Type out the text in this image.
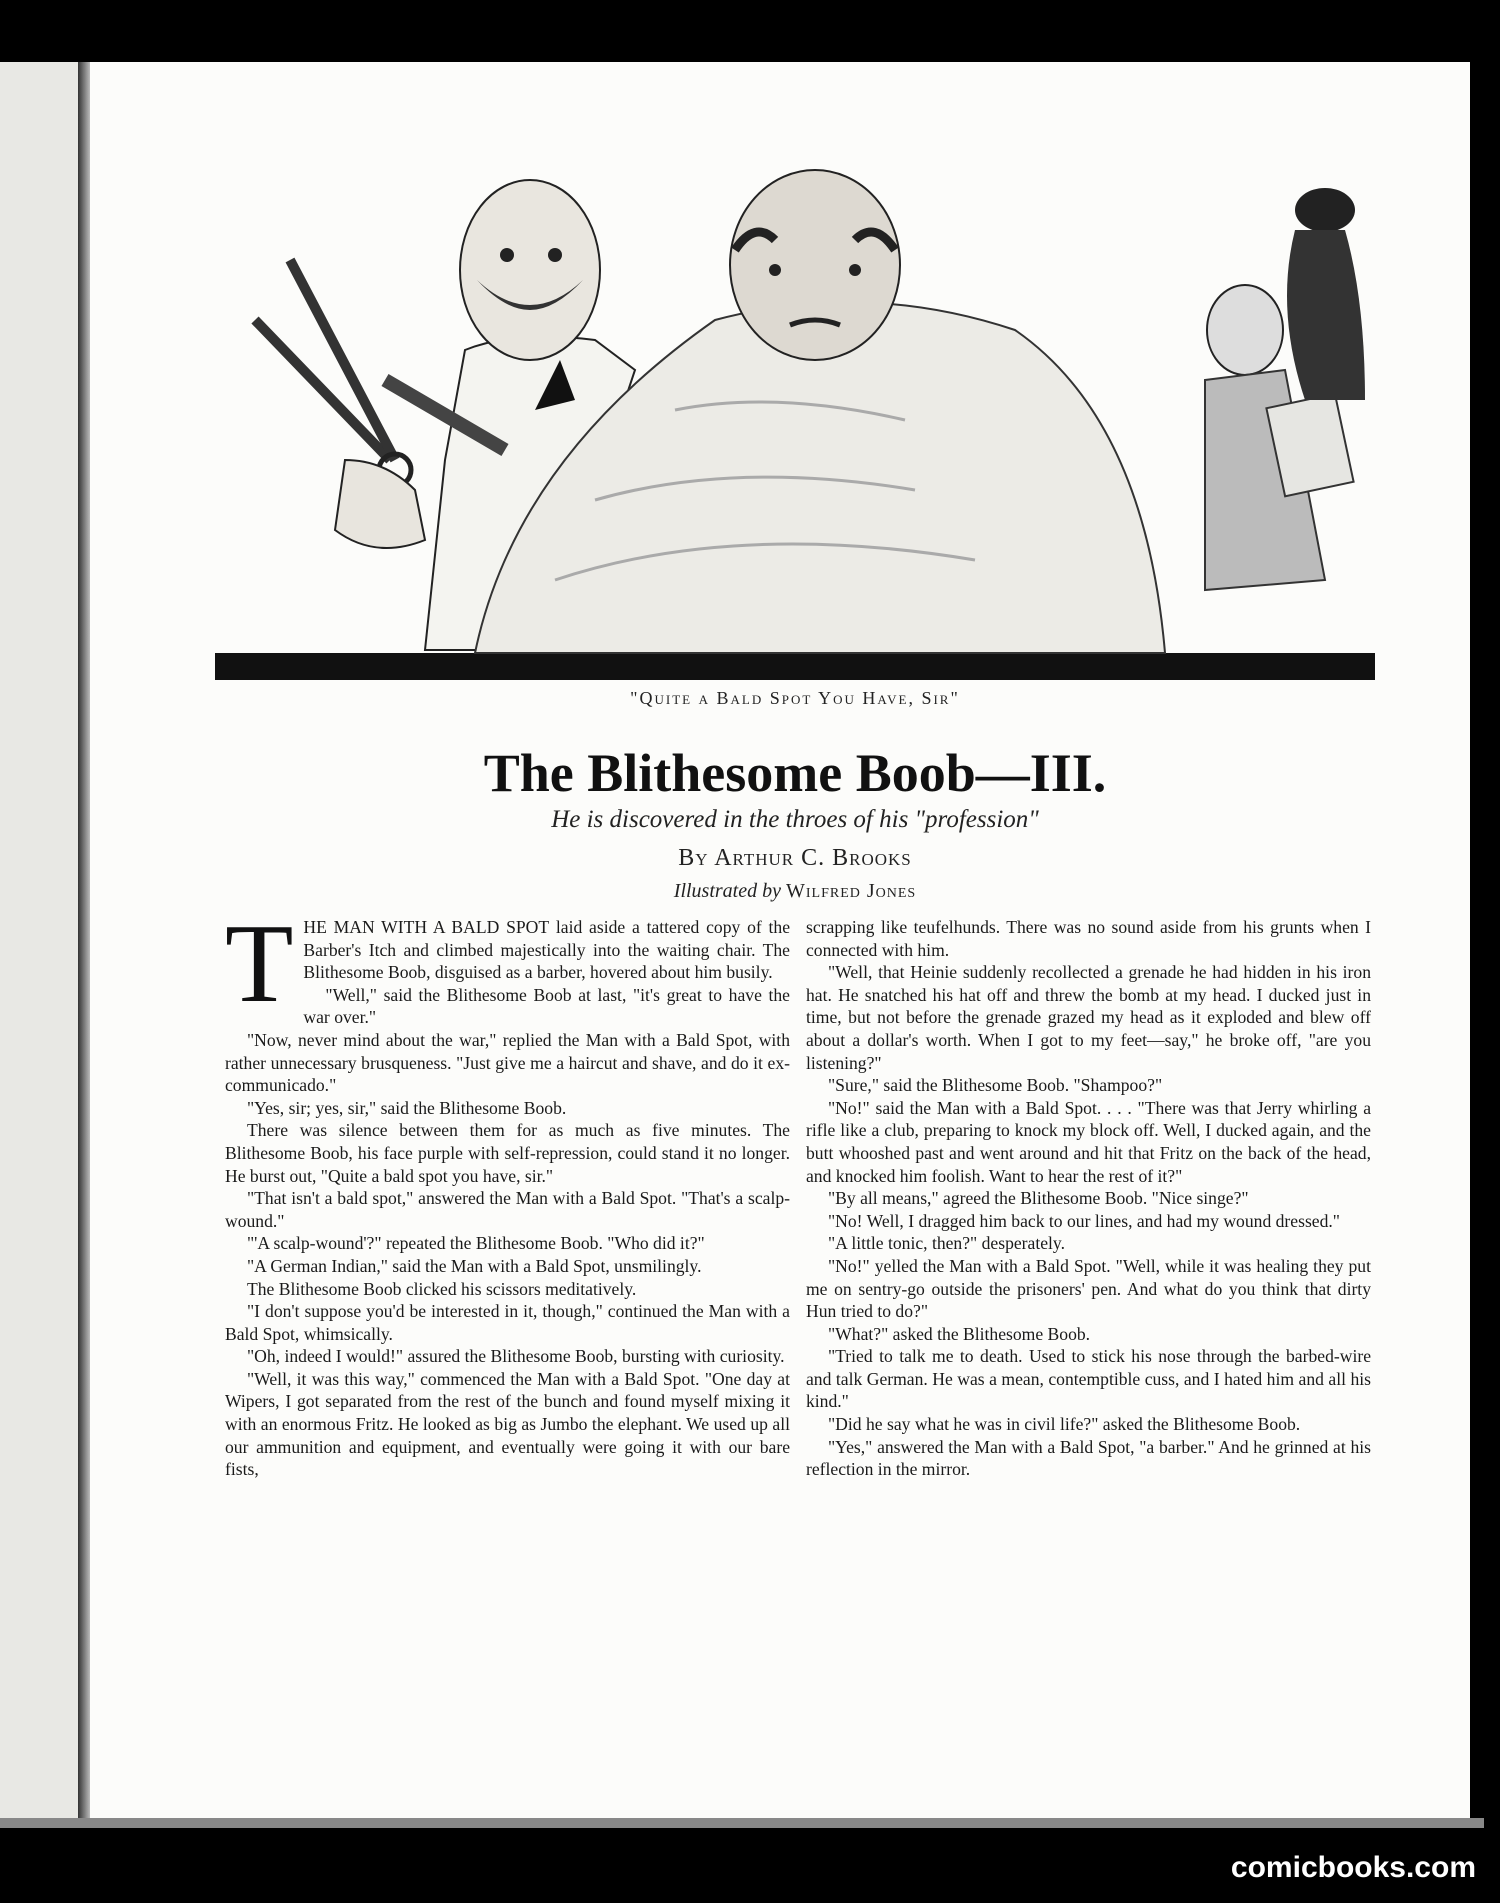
"Quite a Bald Spot You Have, Sir"
The Blithesome Boob—III.
He is discovered in the throes of his "profession"
By Arthur C. Brooks
Illustrated by Wilfred Jones

THE MAN WITH A BALD SPOT laid aside a tattered copy of the Barber's Itch and climbed majestically into the waiting chair. The Blithesome Boob, disguised as a barber, hovered about him busily.

"Well," said the Blithesome Boob at last, "it's great to have the war over."

"Now, never mind about the war," replied the Man with a Bald Spot, with rather unnecessary brusqueness. "Just give me a haircut and shave, and do it ex-communicado."

"Yes, sir; yes, sir," said the Blithesome Boob.

There was silence between them for as much as five minutes. The Blithesome Boob, his face purple with self-repression, could stand it no longer. He burst out, "Quite a bald spot you have, sir."

"That isn't a bald spot," answered the Man with a Bald Spot. "That's a scalp-wound."

"'A scalp-wound'?" repeated the Blithesome Boob. "Who did it?"

"A German Indian," said the Man with a Bald Spot, unsmilingly.

The Blithesome Boob clicked his scissors meditatively.

"I don't suppose you'd be interested in it, though," continued the Man with a Bald Spot, whimsically.

"Oh, indeed I would!" assured the Blithesome Boob, bursting with curiosity.

"Well, it was this way," commenced the Man with a Bald Spot. "One day at Wipers, I got separated from the rest of the bunch and found myself mixing it with an enormous Fritz. He looked as big as Jumbo the elephant. We used up all our ammunition and equipment, and eventually were going it with our bare fists,

scrapping like teufelhunds. There was no sound aside from his grunts when I connected with him.

"Well, that Heinie suddenly recollected a grenade he had hidden in his iron hat. He snatched his hat off and threw the bomb at my head. I ducked just in time, but not before the grenade grazed my head as it exploded and blew off about a dollar's worth. When I got to my feet—say," he broke off, "are you listening?"

"Sure," said the Blithesome Boob. "Shampoo?"

"No!" said the Man with a Bald Spot. . . . "There was that Jerry whirling a rifle like a club, preparing to knock my block off. Well, I ducked again, and the butt whooshed past and went around and hit that Fritz on the back of the head, and knocked him foolish. Want to hear the rest of it?"

"By all means," agreed the Blithesome Boob. "Nice singe?"

"No! Well, I dragged him back to our lines, and had my wound dressed."

"A little tonic, then?" desperately.

"No!" yelled the Man with a Bald Spot. "Well, while it was healing they put me on sentry-go outside the prisoners' pen. And what do you think that dirty Hun tried to do?"

"What?" asked the Blithesome Boob.

"Tried to talk me to death. Used to stick his nose through the barbed-wire and talk German. He was a mean, contemptible cuss, and I hated him and all his kind."

"Did he say what he was in civil life?" asked the Blithesome Boob.

"Yes," answered the Man with a Bald Spot, "a barber." And he grinned at his reflection in the mirror.

comicbooks.com
